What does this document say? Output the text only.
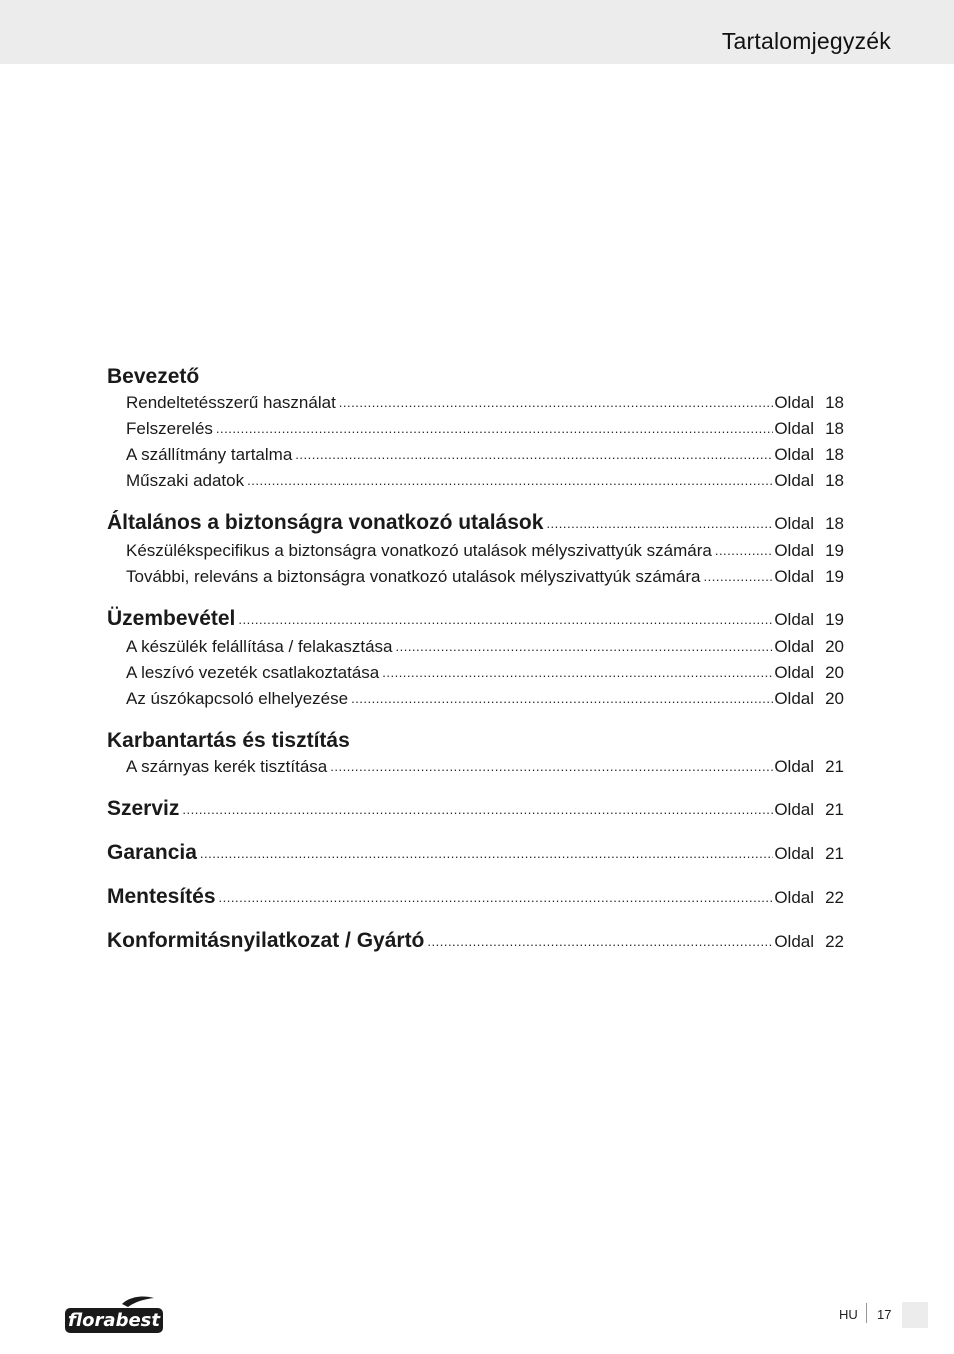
Tartalomjegyzék
Bevezető
Rendeltetésszerű használat .....	Oldal 18
Felszerelés .....	Oldal 18
A szállítmány tartalma .....	Oldal 18
Műszaki adatok .....	Oldal 18
Általános a biztonságra vonatkozó utalások .....	Oldal 18
Készülékspecifikus a biztonságra vonatkozó utalások mélyszivattyúk számára .....	Oldal 19
További, releváns a biztonságra vonatkozó utalások mélyszivattyúk számára .....	Oldal 19
Üzembevétel .....	Oldal 19
A készülék felállítása / felakasztása .....	Oldal 20
A leszívó vezeték csatlakoztatása .....	Oldal 20
Az úszókapcsoló elhelyezése .....	Oldal 20
Karbantartás és tisztítás
A szárnyas kerék tisztítása .....	Oldal 21
Szerviz .....	Oldal 21
Garancia .....	Oldal 21
Mentesítés .....	Oldal 22
Konformitásnyilatkozat / Gyártó .....	Oldal 22
florabest	HU 17
